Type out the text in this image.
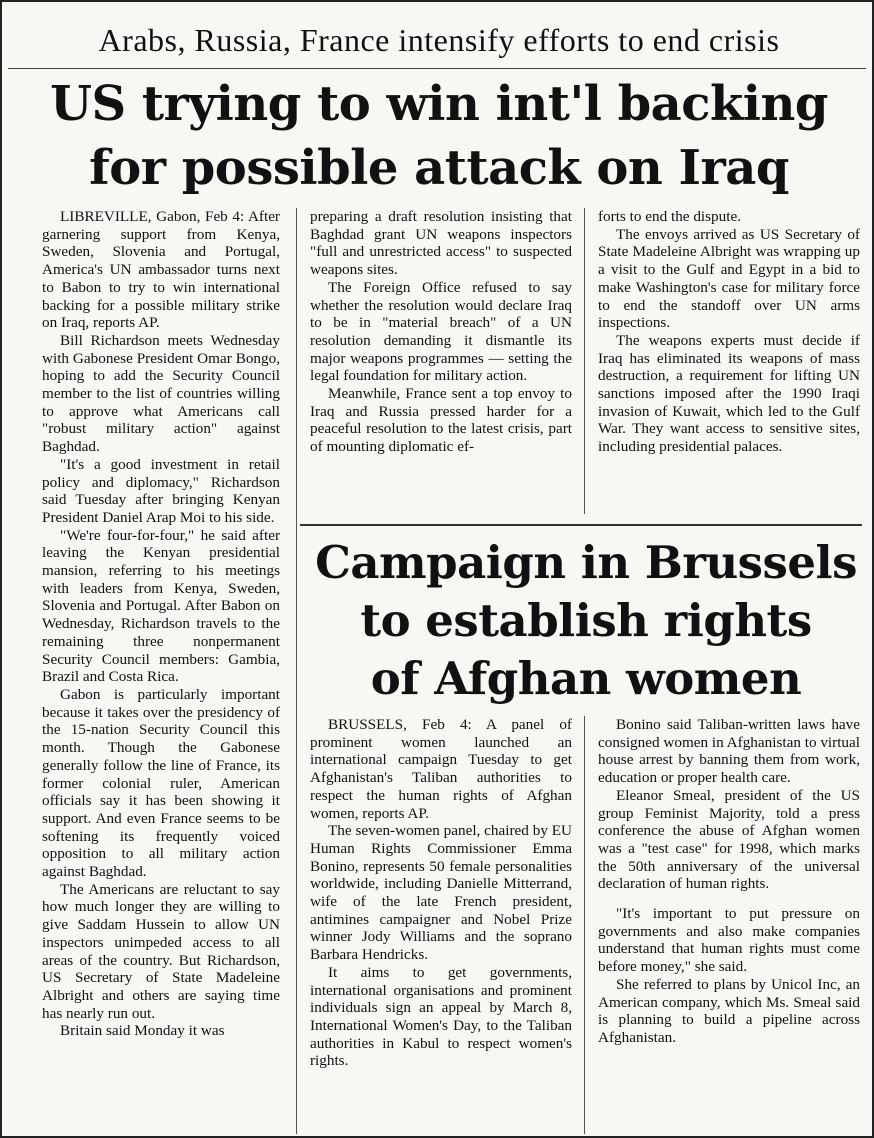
Arabs, Russia, France intensify efforts to end crisis
US trying to win int'l backing
for possible attack on Iraq

LIBREVILLE, Gabon, Feb 4: After garnering support from Kenya, Sweden, Slovenia and Portugal, America's UN ambassador turns next to Babon to try to win international backing for a possible military strike on Iraq, reports AP.

Bill Richardson meets Wednesday with Gabonese President Omar Bongo, hoping to add the Security Council member to the list of countries willing to approve what Americans call "robust military action" against Baghdad.

"It's a good investment in retail policy and diplomacy," Richardson said Tuesday after bringing Kenyan President Daniel Arap Moi to his side.

"We're four-for-four," he said after leaving the Kenyan presidential mansion, referring to his meetings with leaders from Kenya, Sweden, Slovenia and Portugal. After Babon on Wednesday, Richardson travels to the remaining three nonpermanent Security Council members: Gambia, Brazil and Costa Rica.

Gabon is particularly important because it takes over the presidency of the 15-nation Security Council this month. Though the Gabonese generally follow the line of France, its former colonial ruler, American officials say it has been showing it support. And even France seems to be softening its frequently voiced opposition to all military action against Baghdad.

The Americans are reluctant to say how much longer they are willing to give Saddam Hussein to allow UN inspectors unimpeded access to all areas of the country. But Richardson, US Secretary of State Madeleine Albright and others are saying time has nearly run out.

Britain said Monday it was

preparing a draft resolution insisting that Baghdad grant UN weapons inspectors "full and unrestricted access" to suspected weapons sites.

The Foreign Office refused to say whether the resolution would declare Iraq to be in "material breach" of a UN resolution demanding it dismantle its major weapons programmes — setting the legal foundation for military action.

Meanwhile, France sent a top envoy to Iraq and Russia pressed harder for a peaceful resolution to the latest crisis, part of mounting diplomatic ef-

forts to end the dispute.

The envoys arrived as US Secretary of State Madeleine Albright was wrapping up a visit to the Gulf and Egypt in a bid to make Washington's case for military force to end the standoff over UN arms inspections.

The weapons experts must decide if Iraq has eliminated its weapons of mass destruction, a requirement for lifting UN sanctions imposed after the 1990 Iraqi invasion of Kuwait, which led to the Gulf War. They want access to sensitive sites, including presidential palaces.

Campaign in Brussels
to establish rights
of Afghan women

BRUSSELS, Feb 4: A panel of prominent women launched an international campaign Tuesday to get Afghanistan's Taliban authorities to respect the human rights of Afghan women, reports AP.

The seven-women panel, chaired by EU Human Rights Commissioner Emma Bonino, represents 50 female personalities worldwide, including Danielle Mitterrand, wife of the late French president, antimines campaigner and Nobel Prize winner Jody Williams and the soprano Barbara Hendricks.

It aims to get governments, international organisations and prominent individuals sign an appeal by March 8, International Women's Day, to the Taliban authorities in Kabul to respect women's rights.

Bonino said Taliban-written laws have consigned women in Afghanistan to virtual house arrest by banning them from work, education or proper health care.

Eleanor Smeal, president of the US group Feminist Majority, told a press conference the abuse of Afghan women was a "test case" for 1998, which marks the 50th anniversary of the universal declaration of human rights.

"It's important to put pressure on governments and also make companies understand that human rights must come before money," she said.

She referred to plans by Unicol Inc, an American company, which Ms. Smeal said is planning to build a pipeline across Afghanistan.
